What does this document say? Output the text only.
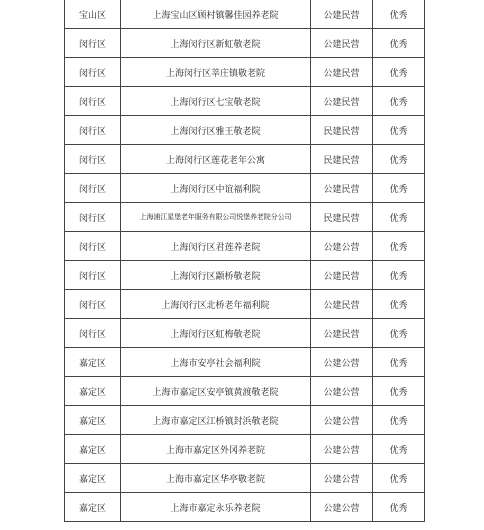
宝山区	上海宝山区顾村镇馨佳园养老院	公建民营	优秀
闵行区	上海闵行区新虹敬老院	公建民营	优秀
闵行区	上海闵行区莘庄镇敬老院	公建民营	优秀
闵行区	上海闵行区七宝敬老院	公建民营	优秀
闵行区	上海闵行区雅王敬老院	民建民营	优秀
闵行区	上海闵行区莲花老年公寓	民建民营	优秀
闵行区	上海闵行区中谊福利院	公建民营	优秀
闵行区	上海浦江星堡老年服务有限公司悦堡养老院分公司	民建民营	优秀
闵行区	上海闵行区君莲养老院	公建公营	优秀
闵行区	上海闵行区颛桥敬老院	公建民营	优秀
闵行区	上海闵行区北桥老年福利院	公建民营	优秀
闵行区	上海闵行区虹梅敬老院	公建民营	优秀
嘉定区	上海市安亭社会福利院	公建公营	优秀
嘉定区	上海市嘉定区安亭镇黄渡敬老院	公建公营	优秀
嘉定区	上海市嘉定区江桥镇封浜敬老院	公建公营	优秀
嘉定区	上海市嘉定区外冈养老院	公建公营	优秀
嘉定区	上海市嘉定区华亭敬老院	公建公营	优秀
嘉定区	上海市嘉定永乐养老院	公建公营	优秀
